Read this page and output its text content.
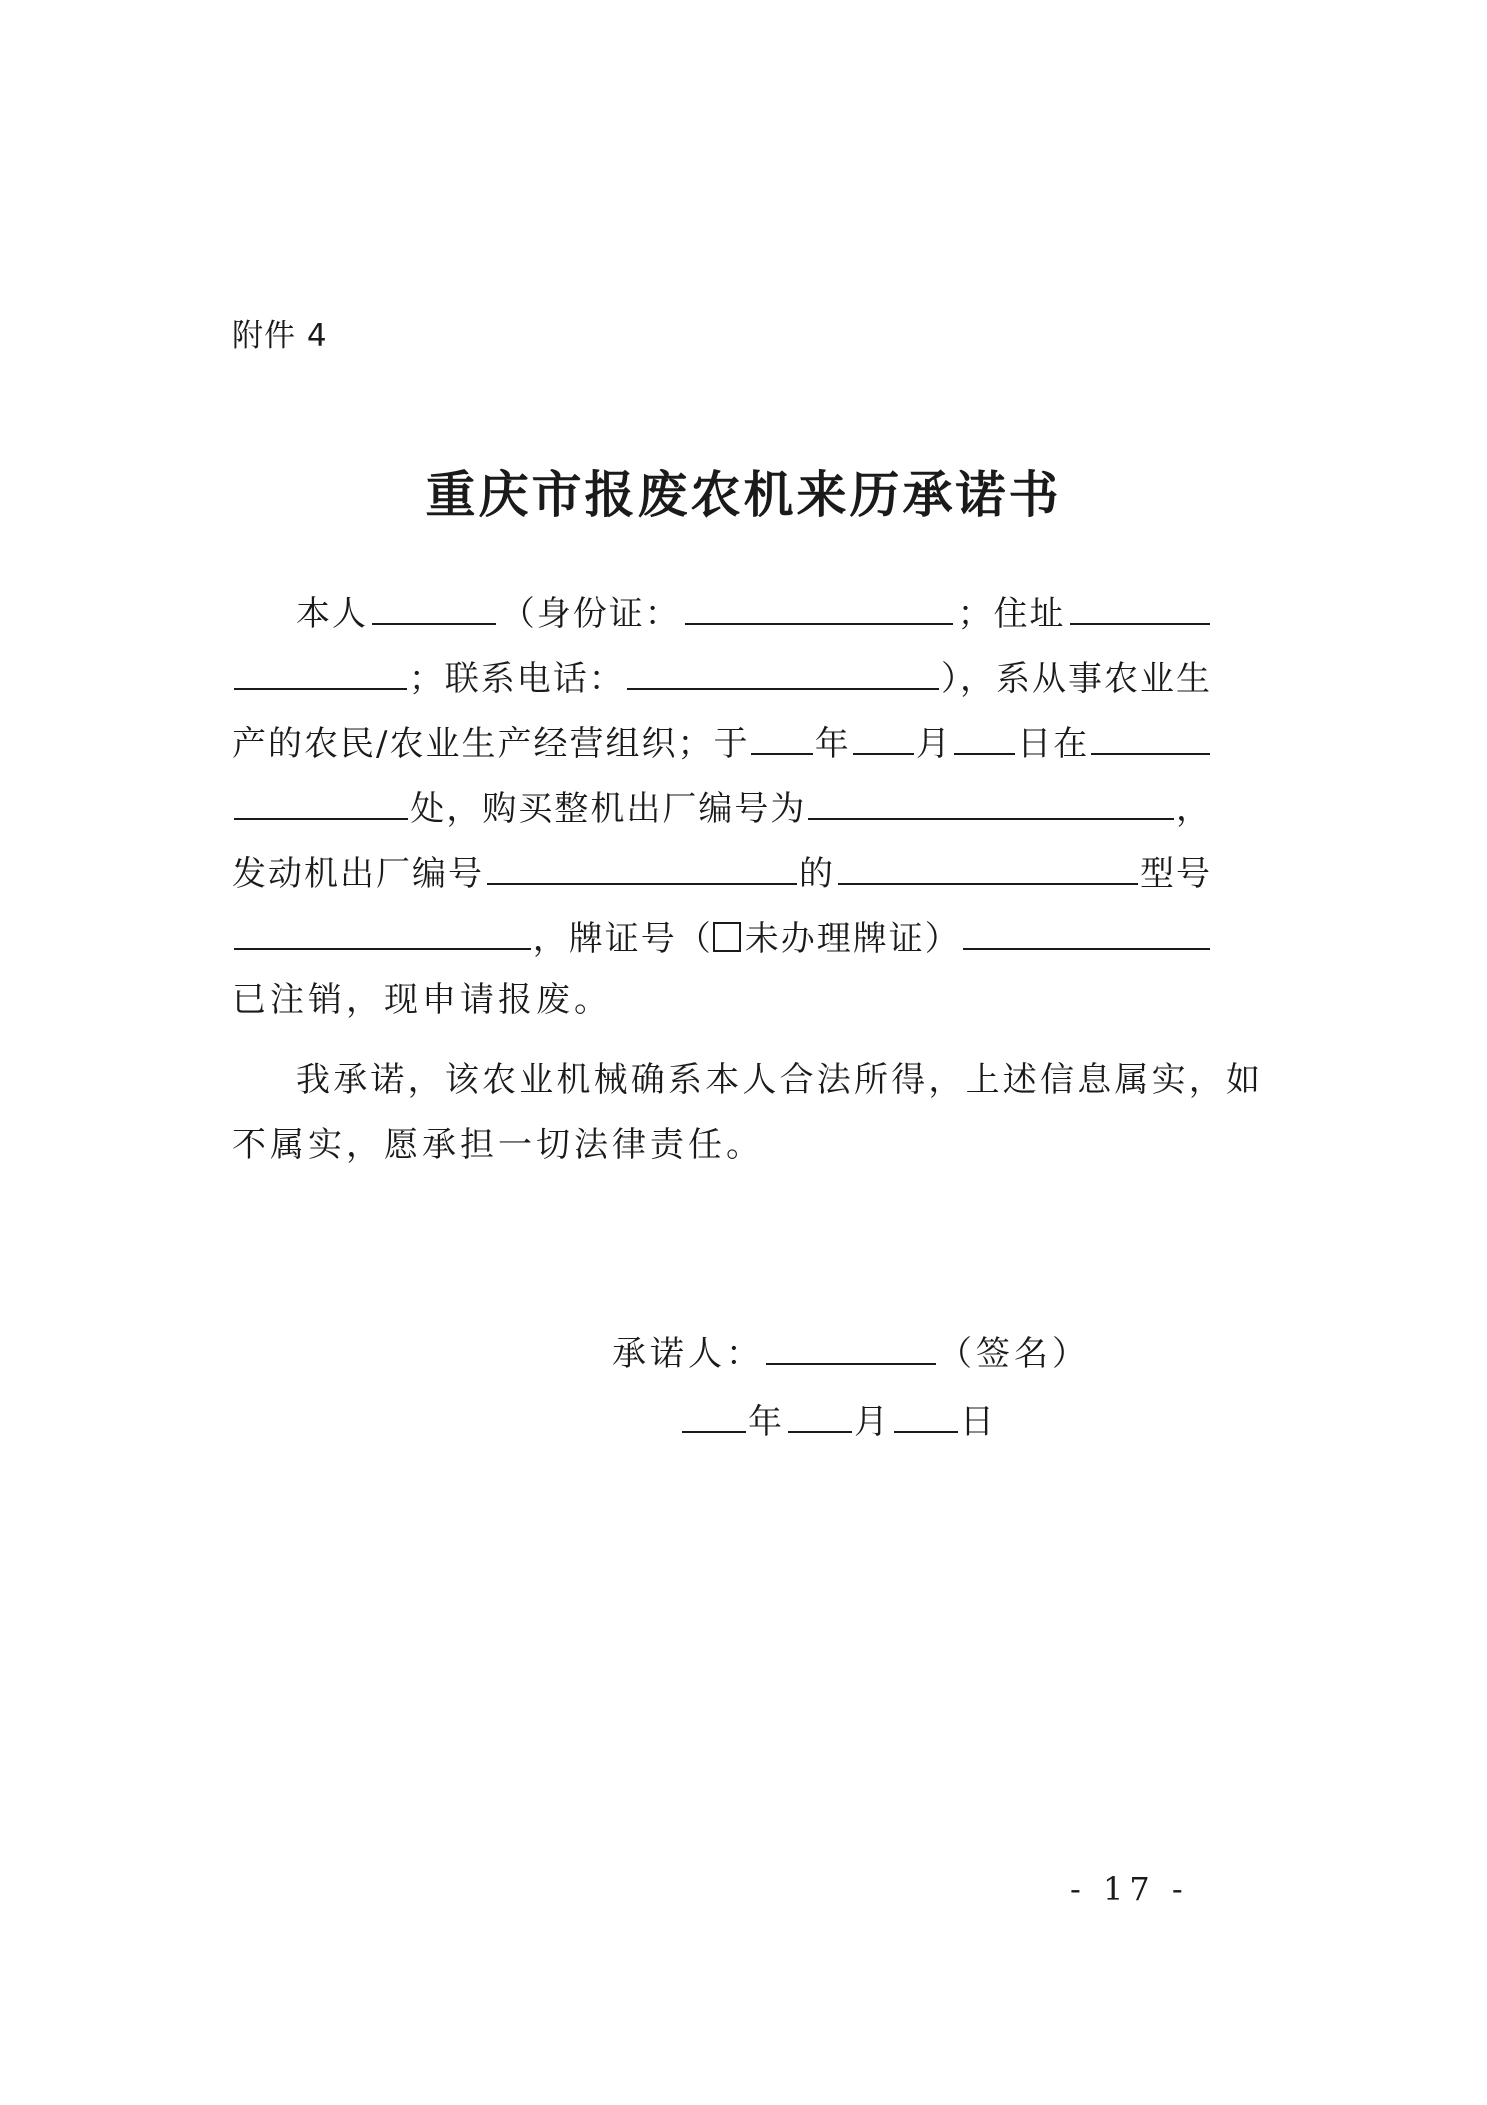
附件 4
重庆市报废农机来历承诺书
本人	（身份证：	；住址
；联系电话：	），系从事农业生
产的农民/农业生产经营组织；于 年 月 日在
处，购买整机出厂编号为	，
发动机出厂编号	的	型号
，牌证号（ 未办理牌证）
已注销，现申请报废。
我承诺，该农业机械确系本人合法所得，上述信息属实，如
不属实，愿承担一切法律责任。
承诺人：	（签名）
年 月 日
- 17 -
